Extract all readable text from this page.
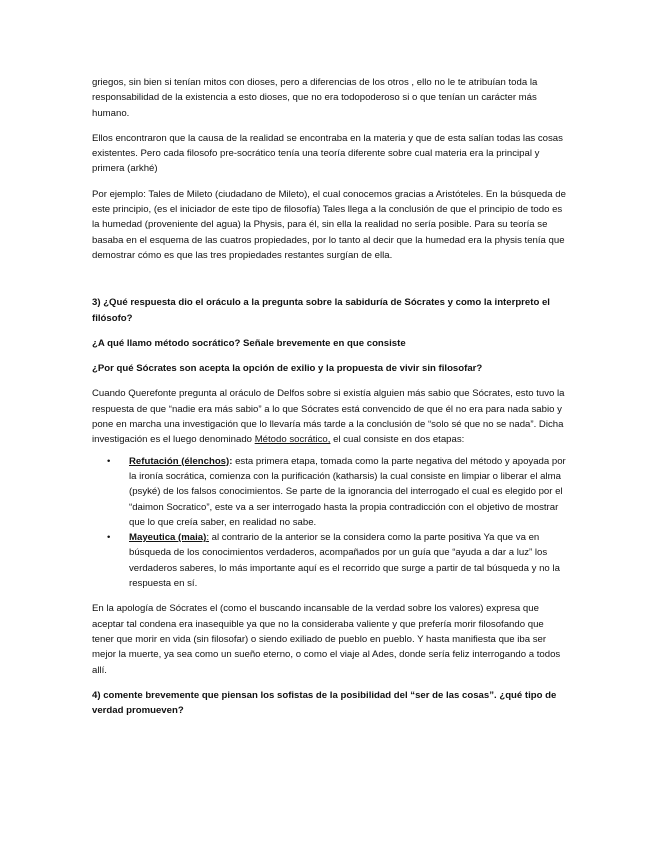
griegos, sin bien si tenían mitos con dioses, pero a diferencias de los otros , ello no le te atribuían toda la responsabilidad de la existencia a esto dioses, que no era todopoderoso si o que tenían un carácter más humano.

Ellos encontraron que la causa de la realidad se encontraba en la materia y que de esta salían todas las cosas existentes. Pero cada filosofo pre-socrático tenía una teoría diferente sobre cual materia era la principal y primera (arkhé)

Por ejemplo: Tales de Mileto (ciudadano de Mileto), el cual conocemos gracias a Aristóteles. En la búsqueda de este principio, (es el iniciador de este tipo de filosofía) Tales llega a la conclusión de que el principio de todo es la humedad (proveniente del agua) la Physis, para él, sin ella la realidad no sería posible. Para su teoría se basaba en el esquema de las cuatros propiedades, por lo tanto al decir que la humedad era la physis tenía que demostrar cómo es que las tres propiedades restantes surgían de ella.

3) ¿Qué respuesta dio el oráculo a la pregunta sobre la sabiduría de Sócrates y como la interpreto el filósofo?

¿A qué llamo método socrático? Señale brevemente en que consiste

¿Por qué Sócrates son acepta la opción de exilio y la propuesta de vivir sin filosofar?

Cuando Querefonte pregunta al oráculo de Delfos sobre si existía alguien más sabio que Sócrates, esto tuvo la respuesta de que “nadie era más sabio” a lo que Sócrates está convencido de que él no era para nada sabio y pone en marcha una investigación que lo llevaría más tarde a la conclusión de “solo sé que no se nada”. Dicha investigación es el luego denominado Método socrático, el cual consiste en dos etapas:

• Refutación (élenchos): esta primera etapa, tomada como la parte negativa del método y apoyada por la ironía socrática, comienza con la purificación (katharsis) la cual consiste en limpiar o liberar el alma (psyké) de los falsos conocimientos. Se parte de la ignorancia del interrogado el cual es elegido por el “daimon Socratico”, este va a ser interrogado hasta la propia contradicción con el objetivo de mostrar que lo que creía saber, en realidad no sabe.
• Mayeutica (maia): al contrario de la anterior se la considera como la parte positiva Ya que va en búsqueda de los conocimientos verdaderos, acompañados por un guía que “ayuda a dar a luz” los verdaderos saberes, lo más importante aquí es el recorrido que surge a partir de tal búsqueda y no la respuesta en sí.

En la apología de Sócrates el (como el buscando incansable de la verdad sobre los valores) expresa que aceptar tal condena era inasequible ya que no la consideraba valiente y que prefería morir filosofando que tener que morir en vida (sin filosofar) o siendo exiliado de pueblo en pueblo. Y hasta manifiesta que iba ser mejor la muerte, ya sea como un sueño eterno, o como el viaje al Ades, donde sería feliz interrogando a todos allí.

4) comente brevemente que piensan los sofistas de la posibilidad del “ser de las cosas”. ¿qué tipo de verdad promueven?
